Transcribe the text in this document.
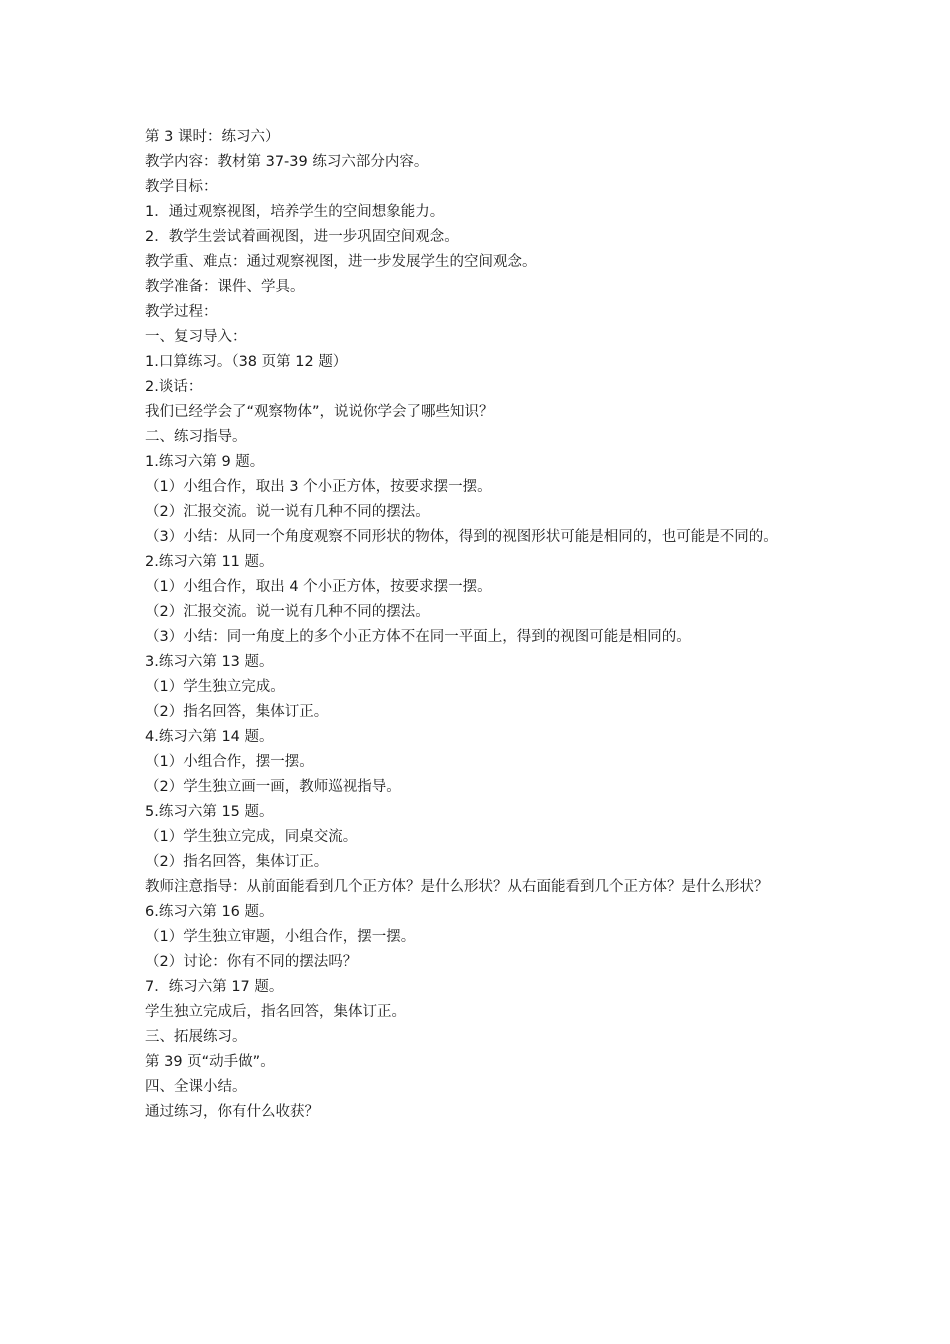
第 3 课时：练习六）
教学内容：教材第 37-39 练习六部分内容。
教学目标：
1．通过观察视图，培养学生的空间想象能力。
2．教学生尝试着画视图，进一步巩固空间观念。
教学重、难点：通过观察视图，进一步发展学生的空间观念。
教学准备：课件、学具。
教学过程：
一、复习导入：
1.口算练习。（38 页第 12 题）
2.谈话：
我们已经学会了“观察物体”，说说你学会了哪些知识？
二、练习指导。
1.练习六第 9 题。
（1）小组合作，取出 3 个小正方体，按要求摆一摆。
（2）汇报交流。说一说有几种不同的摆法。
（3）小结：从同一个角度观察不同形状的物体，得到的视图形状可能是相同的，也可能是不同的。
2.练习六第 11 题。
（1）小组合作，取出 4 个小正方体，按要求摆一摆。
（2）汇报交流。说一说有几种不同的摆法。
（3）小结：同一角度上的多个小正方体不在同一平面上，得到的视图可能是相同的。
3.练习六第 13 题。
（1）学生独立完成。
（2）指名回答，集体订正。
4.练习六第 14 题。
（1）小组合作，摆一摆。
（2）学生独立画一画，教师巡视指导。
5.练习六第 15 题。
（1）学生独立完成，同桌交流。
（2）指名回答，集体订正。
教师注意指导：从前面能看到几个正方体？是什么形状？从右面能看到几个正方体？是什么形状？
6.练习六第 16 题。
（1）学生独立审题，小组合作，摆一摆。
（2）讨论：你有不同的摆法吗？
7．练习六第 17 题。
学生独立完成后，指名回答，集体订正。
三、拓展练习。
第 39 页“动手做”。
四、全课小结。
通过练习，你有什么收获？
